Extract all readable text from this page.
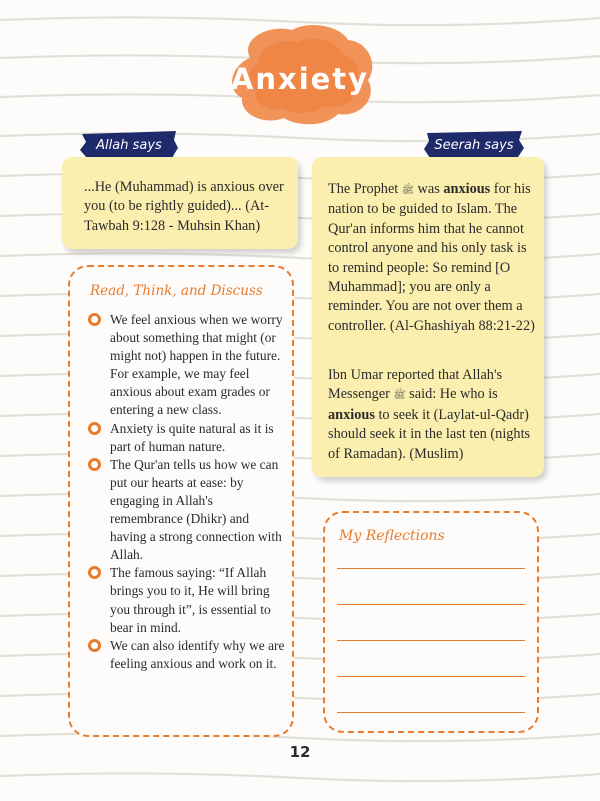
Anxiety
Allah says	Seerah says

...He (Muhammad) is anxious over you (to be rightly guided)... (At-Tawbah 9:128 - Muhsin Khan)

The Prophet ﷺ was anxious for his nation to be guided to Islam. The Qur'an informs him that he cannot control anyone and his only task is to remind people: So remind [O Muhammad]; you are only a reminder. You are not over them a controller. (Al-Ghashiyah 88:21-22)

Ibn Umar reported that Allah's Messenger ﷺ said: He who is anxious to seek it (Laylat-ul-Qadr) should seek it in the last ten (nights of Ramadan). (Muslim)

Read, Think, and Discuss
We feel anxious when we worry about something that might (or might not) happen in the future. For example, we may feel anxious about exam grades or entering a new class.
Anxiety is quite natural as it is part of human nature.
The Qur'an tells us how we can put our hearts at ease: by engaging in Allah's remembrance (Dhikr) and having a strong connection with Allah.
The famous saying: “If Allah brings you to it, He will bring you through it”, is essential to bear in mind.
We can also identify why we are feeling anxious and work on it.
My Reflections
12
